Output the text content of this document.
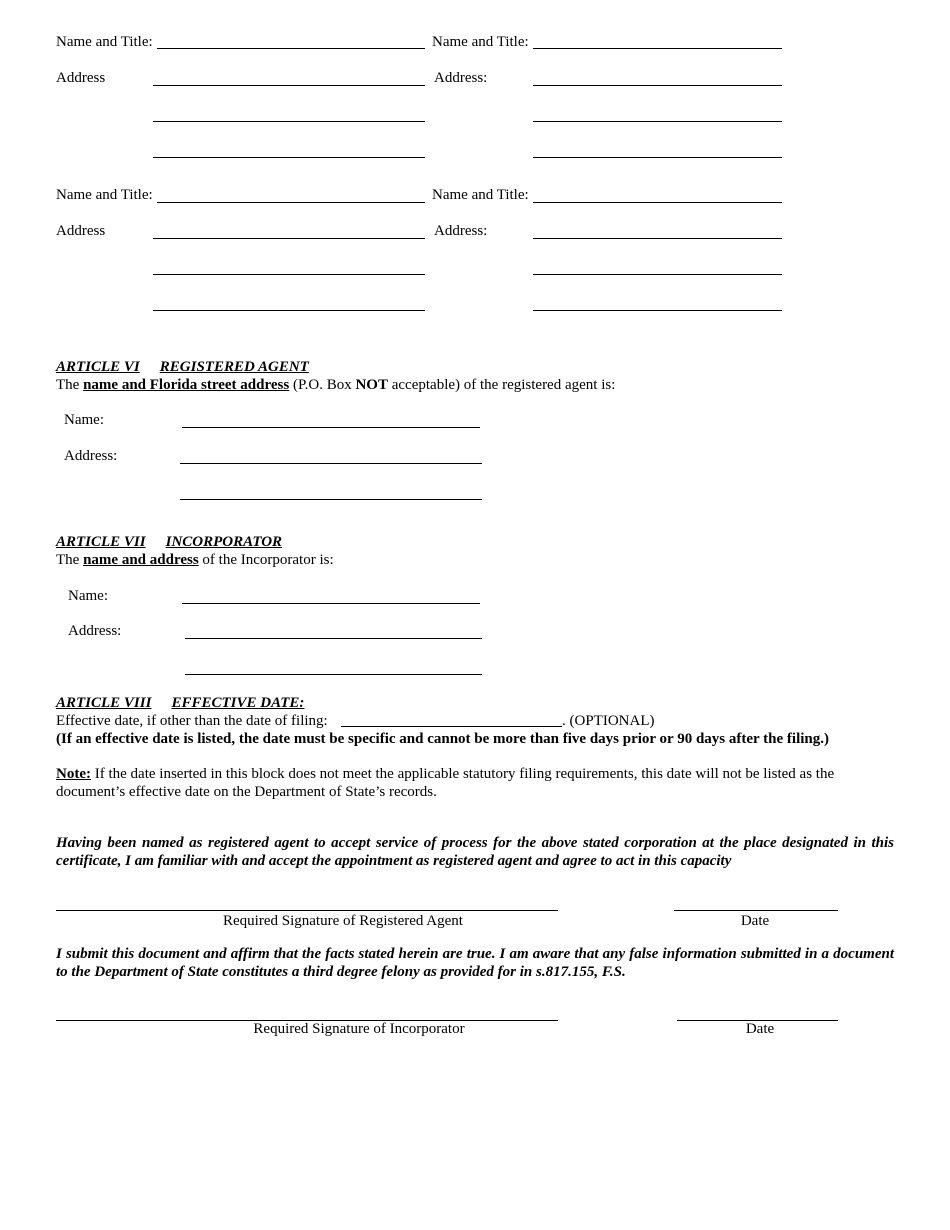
Name and Title:	Name and Title:
Address	Address:
Name and Title:	Name and Title:
Address	Address:
ARTICLE VI REGISTERED AGENT
The name and Florida street address (P.O. Box NOT acceptable) of the registered agent is:
Name:
Address:
ARTICLE VII INCORPORATOR
The name and address of the Incorporator is:
Name:
Address:
ARTICLE VIII EFFECTIVE DATE:
Effective date, if other than the date of filing:	. (OPTIONAL)
(If an effective date is listed, the date must be specific and cannot be more than five days prior or 90 days after the filing.)
Note: If the date inserted in this block does not meet the applicable statutory filing requirements, this date will not be listed as the document’s effective date on the Department of State’s records.
Having been named as registered agent to accept service of process for the above stated corporation at the place designated in this certificate, I am familiar with and accept the appointment as registered agent and agree to act in this capacity
Required Signature of Registered Agent	Date
I submit this document and affirm that the facts stated herein are true. I am aware that any false information submitted in a document to the Department of State constitutes a third degree felony as provided for in s.817.155, F.S.
Required Signature of Incorporator	Date
